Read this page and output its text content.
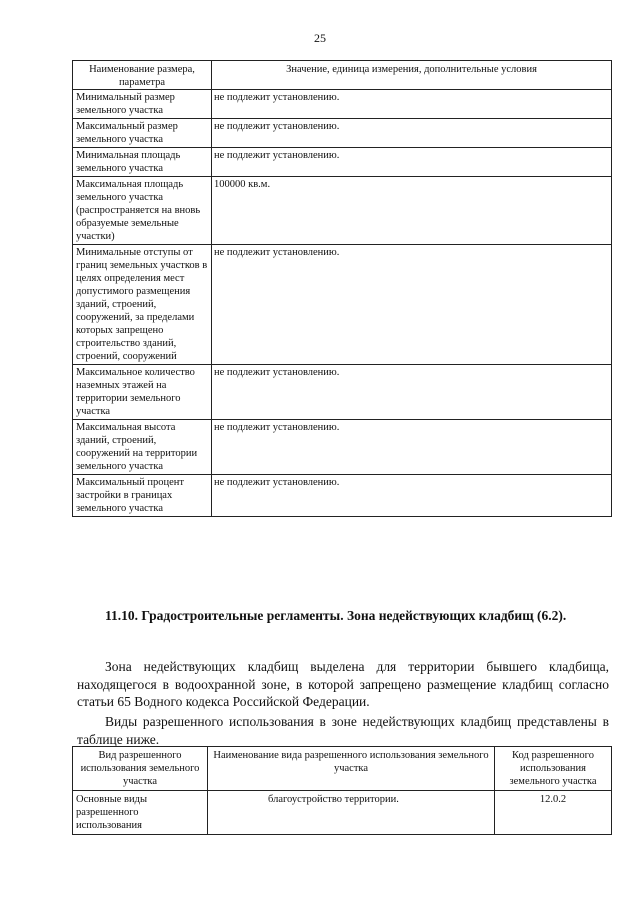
25
Наименование размера, параметра	Значение, единица измерения, дополнительные условия
Минимальный размер земельного участка	не подлежит установлению.
Максимальный размер земельного участка	не подлежит установлению.
Минимальная площадь земельного участка	не подлежит установлению.
Максимальная площадь земельного участка (распространяется на вновь образуемые земельные участки)	100000 кв.м.
Минимальные отступы от границ земельных участков в целях определения мест допустимого размещения зданий, строений, сооружений, за пределами которых запрещено строительство зданий, строений, сооружений	не подлежит установлению.
Максимальное количество наземных этажей на территории земельного участка	не подлежит установлению.
Максимальная высота зданий, строений, сооружений на территории земельного участка	не подлежит установлению.
Максимальный процент застройки в границах земельного участка	не подлежит установлению.
11.10. Градостроительные регламенты. Зона недействующих кладбищ (6.2).

Зона недействующих кладбищ выделена для территории бывшего кладбища, находящегося в водоохранной зоне, в которой запрещено размещение кладбищ согласно статьи 65 Водного кодекса Российской Федерации.

Виды разрешенного использования в зоне недействующих кладбищ представлены в таблице ниже.

Вид разрешенного использования земельного участка	Наименование вида разрешенного использования земельного участка	Код разрешенного использования земельного участка
Основные виды разрешенного использования	благоустройство территории.	12.0.2
